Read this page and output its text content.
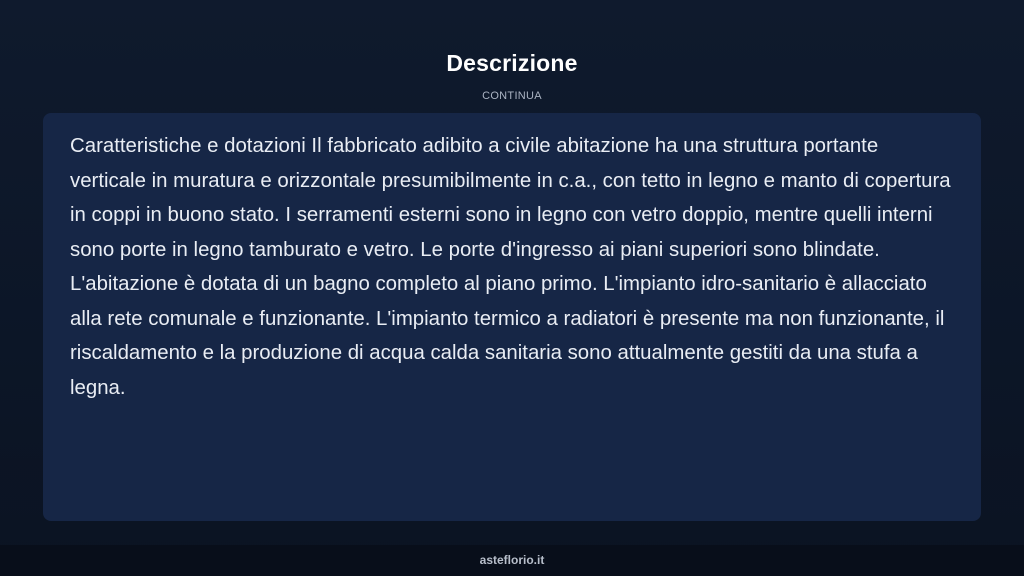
Descrizione
CONTINUA

Caratteristiche e dotazioni Il fabbricato adibito a civile abitazione ha una struttura portante verticale in muratura e orizzontale presumibilmente in c.a., con tetto in legno e manto di copertura in coppi in buono stato. I serramenti esterni sono in legno con vetro doppio, mentre quelli interni sono porte in legno tamburato e vetro. Le porte d'ingresso ai piani superiori sono blindate. L'abitazione è dotata di un bagno completo al piano primo. L'impianto idro-sanitario è allacciato alla rete comunale e funzionante. L'impianto termico a radiatori è presente ma non funzionante, il riscaldamento e la produzione di acqua calda sanitaria sono attualmente gestiti da una stufa a legna.

asteflorio.it
